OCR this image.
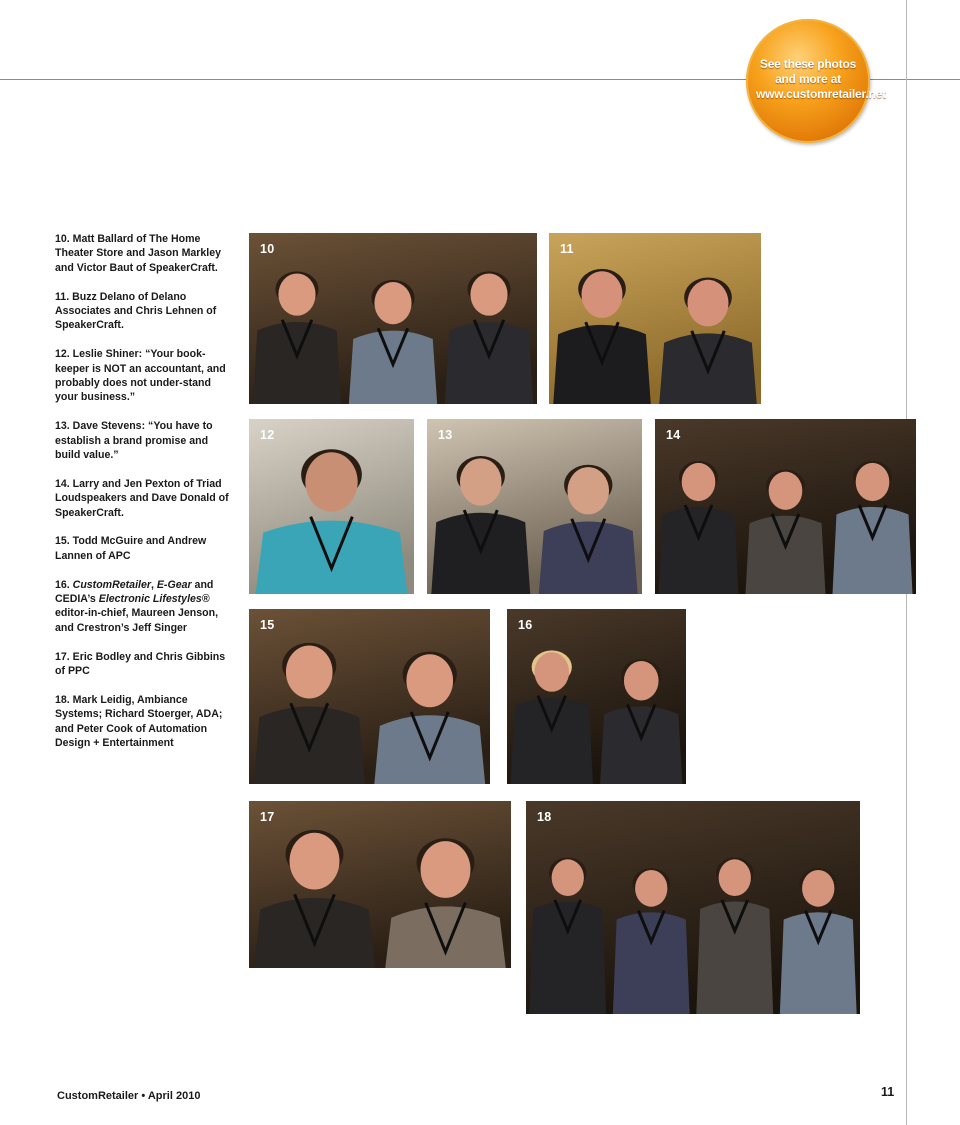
See these photos
and more at
www.customretailer.net

10. Matt Ballard of The Home Theater Store and Jason Markley and Victor Baut of SpeakerCraft.

11. Buzz Delano of Delano Associates and Chris Lehnen of SpeakerCraft.

12. Leslie Shiner: “Your book-keeper is NOT an accountant, and probably does not under-stand your business.”

13. Dave Stevens: “You have to establish a brand promise and build value.”

14. Larry and Jen Pexton of Triad Loudspeakers and Dave Donald of SpeakerCraft.

15. Todd McGuire and Andrew Lannen of APC

16. CustomRetailer, E-Gear and CEDIA’s Electronic Lifestyles® editor-in-chief, Maureen Jenson, and Crestron’s Jeff Singer

17. Eric Bodley and Chris Gibbins of PPC

18. Mark Leidig, Ambiance Systems; Richard Stoerger, ADA; and Peter Cook of Automation Design + Entertainment

10	11
12	13	14
15	16
17	18
CustomRetailer • April 2010	11
